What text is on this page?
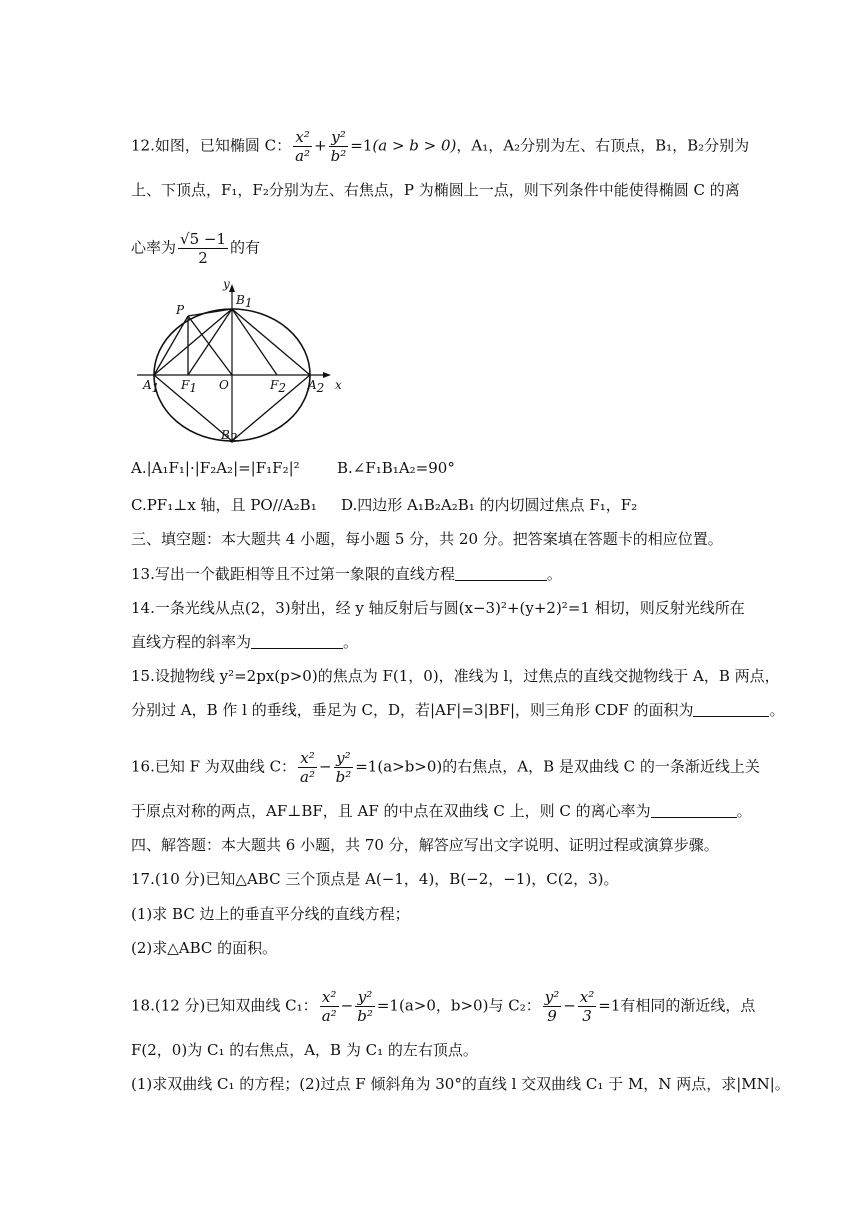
12.如图，已知椭圆 C： $\frac{\text{x²}}{\text{a²}} + \frac{\text{y²}}{\text{b²}} =1(a > b > 0)$，A₁，A₂分别为左、右顶点，B₁，B₂分别为
上、下顶点，F₁，F₂分别为左、右焦点，P 为椭圆上一点，则下列条件中能使得椭圆 C 的离
心率为 $\frac{√5 -1}{2}$ 的有
y
B1
P
A1 F1 O	F2 A2 x
B2
A.|A₁F₁|·|F₂A₂|=|F₁F₂|² B.∠F₁B₁A₂=90°
C.PF₁⊥x 轴，且 PO//A₂B₁ D.四边形 A₁B₂A₂B₁ 的内切圆过焦点 F₁，F₂
三、填空题：本大题共 4 小题，每小题 5 分，共 20 分。把答案填在答题卡的相应位置。
13.写出一个截距相等且不过第一象限的直线方程	。
14.一条光线从点(2，3)射出，经 y 轴反射后与圆(x−3)²+(y+2)²=1 相切，则反射光线所在
直线方程的斜率为	。
15.设抛物线 y²=2px(p>0)的焦点为 F(1，0)，准线为 l，过焦点的直线交抛物线于 A，B 两点，
分别过 A，B 作 l 的垂线，垂足为 C，D，若|AF|=3|BF|，则三角形 CDF 的面积为	。
16.已知 F 为双曲线 C： $\frac{\text{x²}}{\text{a²}} - \frac{\text{y²}}{\text{b²}} =1(a>b>0)$的右焦点，A，B 是双曲线 C 的一条渐近线上关
于原点对称的两点，AF⊥BF，且 AF 的中点在双曲线 C 上，则 C 的离心率为	。
四、解答题：本大题共 6 小题，共 70 分，解答应写出文字说明、证明过程或演算步骤。
17.(10 分)已知△ABC 三个顶点是 A(−1，4)，B(−2，−1)，C(2，3)。
(1)求 BC 边上的垂直平分线的直线方程；
(2)求△ABC 的面积。
18.(12 分)已知双曲线 C₁： $\frac{\text{x²}}{\text{a²}} - \frac{\text{y²}}{\text{b²}} =1(a>0$，b>0)与 C₂： $\frac{\text{y²}}{9} - \frac{\text{x²}}{3} =1$有相同的渐近线，点
F(2，0)为 C₁ 的右焦点，A，B 为 C₁ 的左右顶点。
(1)求双曲线 C₁ 的方程；(2)过点 F 倾斜角为 30°的直线 l 交双曲线 C₁ 于 M，N 两点，求|MN|。
